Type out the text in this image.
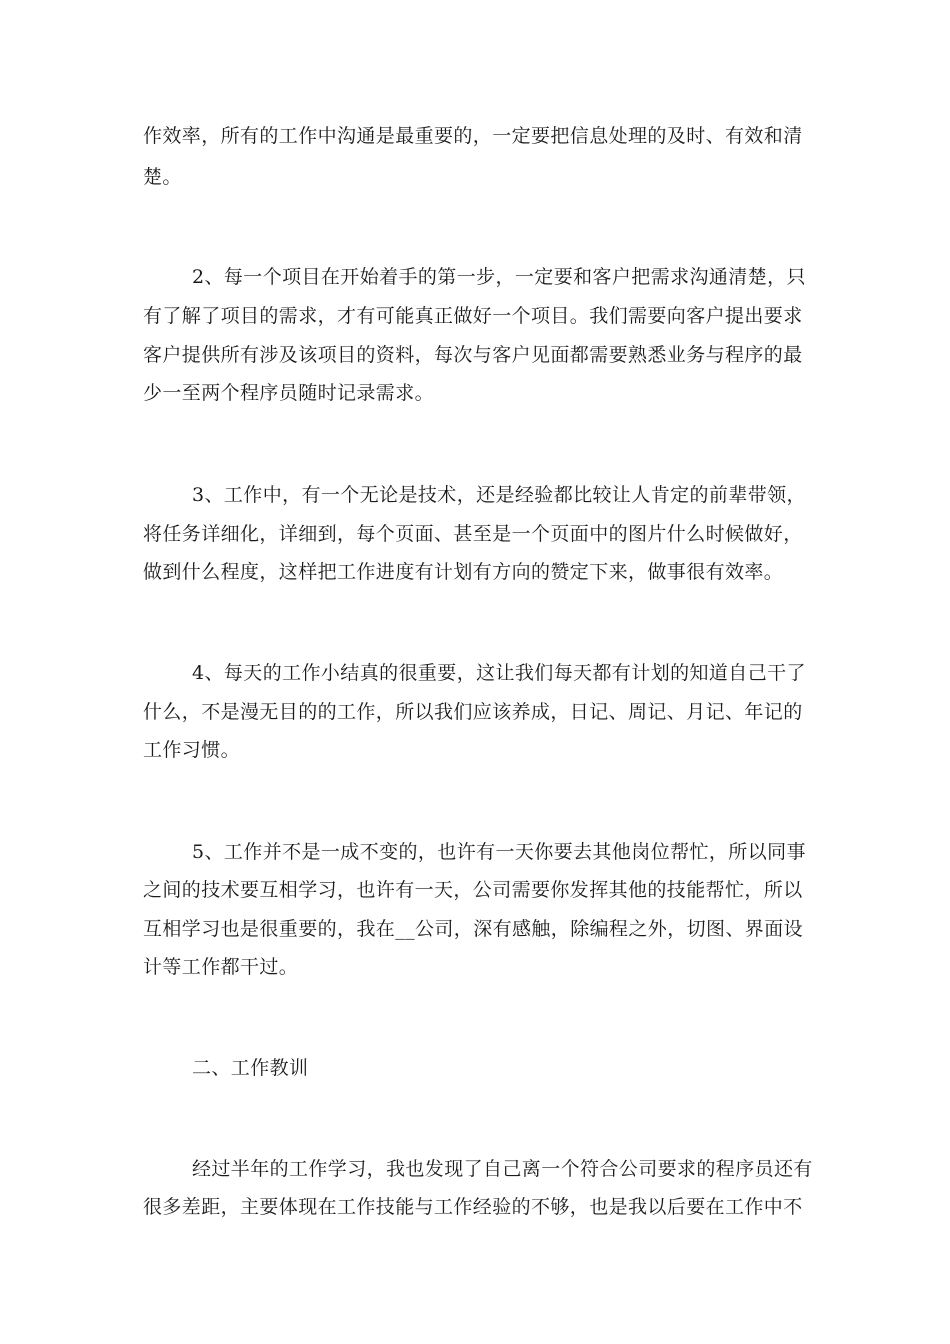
作效率，所有的工作中沟通是最重要的，一定要把信息处理的及时、有效和清
楚。
2、每一个项目在开始着手的第一步，一定要和客户把需求沟通清楚，只
有了解了项目的需求，才有可能真正做好一个项目。我们需要向客户提出要求
客户提供所有涉及该项目的资料，每次与客户见面都需要熟悉业务与程序的最
少一至两个程序员随时记录需求。
3、工作中，有一个无论是技术，还是经验都比较让人肯定的前辈带领，
将任务详细化，详细到，每个页面、甚至是一个页面中的图片什么时候做好，
做到什么程度，这样把工作进度有计划有方向的赞定下来，做事很有效率。
4、每天的工作小结真的很重要，这让我们每天都有计划的知道自己干了
什么，不是漫无目的的工作，所以我们应该养成，日记、周记、月记、年记的
工作习惯。
5、工作并不是一成不变的，也许有一天你要去其他岗位帮忙，所以同事
之间的技术要互相学习，也许有一天，公司需要你发挥其他的技能帮忙，所以
互相学习也是很重要的，我在__公司，深有感触，除编程之外，切图、界面设
计等工作都干过。
二、工作教训
经过半年的工作学习，我也发现了自己离一个符合公司要求的程序员还有
很多差距，主要体现在工作技能与工作经验的不够，也是我以后要在工作中不
